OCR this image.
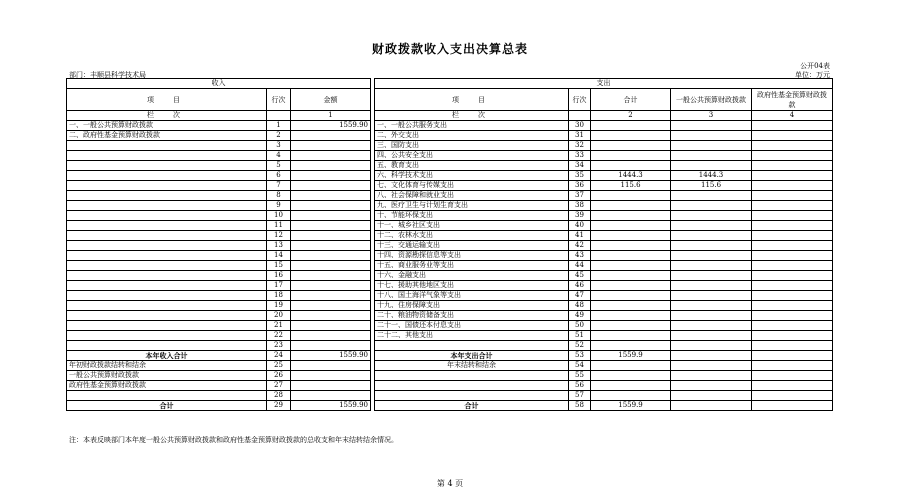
财政拨款收入支出决算总表
公开04表
部门：丰顺县科学技术局	单位：万元
收入				支出				
项　目	行次	金额		项　目	行次	合计	一般公共预算财政拨款	政府性基金预算财政拨款
栏　次		1		栏　次		2	3	4
一、一般公共预算财政拨款	1	1559.90		一、一般公共服务支出	30			
二、政府性基金预算财政拨款	2			二、外交支出	31			
	3			三、国防支出	32			
	4			四、公共安全支出	33			
	5			五、教育支出	34			
	6			六、科学技术支出	35	1444.3	1444.3	
	7			七、文化体育与传媒支出	36	115.6	115.6	
	8			八、社会保障和就业支出	37			
	9			九、医疗卫生与计划生育支出	38			
	10			十、节能环保支出	39			
	11			十一、城乡社区支出	40			
	12			十二、农林水支出	41			
	13			十三、交通运输支出	42			
	14			十四、资源勘探信息等支出	43			
	15			十五、商业服务业等支出	44			
	16			十六、金融支出	45			
	17			十七、援助其他地区支出	46			
	18			十八、国土海洋气象等支出	47			
	19			十九、住房保障支出	48			
	20			二十、粮油物资储备支出	49			
	21			二十一、国债还本付息支出	50			
	22			二十二、其他支出	51			
	23				52			
本年收入合计	24	1559.90		本年支出合计	53	1559.9		
年初财政拨款结转和结余	25			年末结转和结余	54			
一般公共预算财政拨款	26				55			
政府性基金预算财政拨款	27				56			
	28				57			
合计	29	1559.90		合计	58	1559.9		
注：本表反映部门本年度一般公共预算财政拨款和政府性基金预算财政拨款的总收支和年末结转结余情况。
第 4 页
